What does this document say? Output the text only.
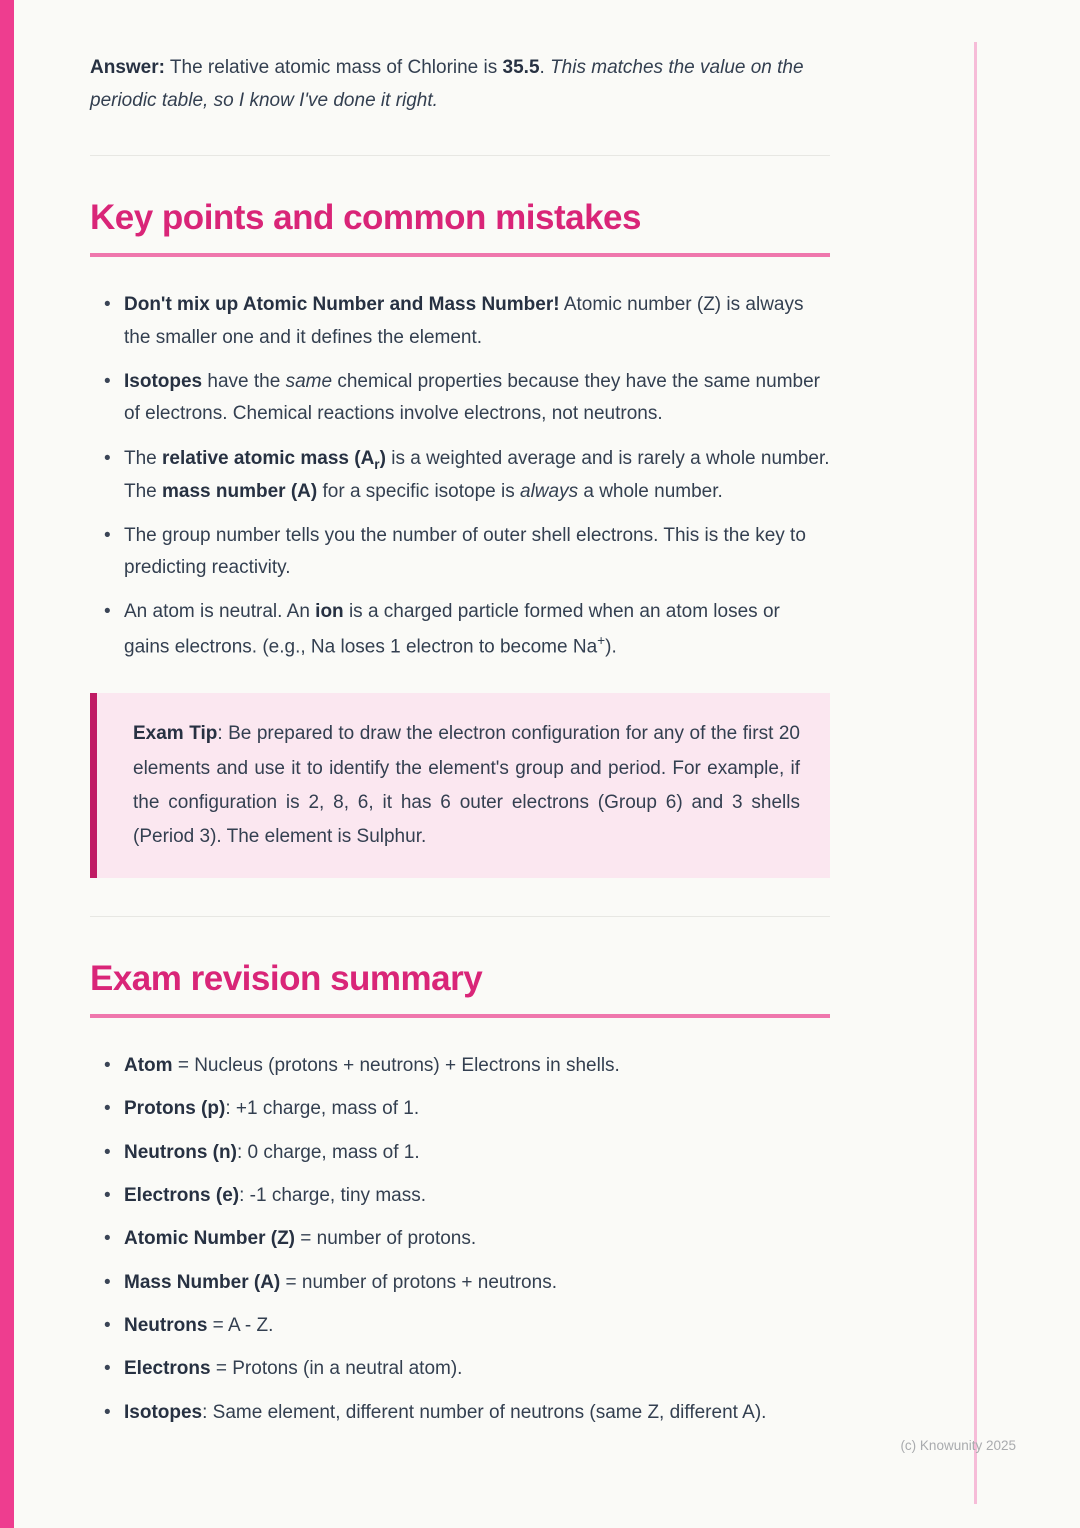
Answer: The relative atomic mass of Chlorine is 35.5. This matches the value on the periodic table, so I know I've done it right.

Key points and common mistakes
• Don't mix up Atomic Number and Mass Number! Atomic number (Z) is always the smaller one and it defines the element.
• Isotopes have the same chemical properties because they have the same number of electrons. Chemical reactions involve electrons, not neutrons.
• The relative atomic mass $(A_r)$ is a weighted average and is rarely a whole number. The mass number (A) for a specific isotope is always a whole number.
• The group number tells you the number of outer shell electrons. This is the key to predicting reactivity.
• An atom is neutral. An ion is a charged particle formed when an atom loses or gains electrons. (e.g., Na loses 1 electron to become Na+).

Exam Tip: Be prepared to draw the electron configuration for any of the first 20 elements and use it to identify the element's group and period. For example, if the configuration is 2, 8, 6, it has 6 outer electrons (Group 6) and 3 shells (Period 3). The element is Sulphur.

Exam revision summary
• Atom = Nucleus (protons + neutrons) + Electrons in shells.
• Protons (p): +1 charge, mass of 1.
• Neutrons (n): 0 charge, mass of 1.
• Electrons (e): -1 charge, tiny mass.
• Atomic Number (Z) = number of protons.
• Mass Number (A) = number of protons + neutrons.
• Neutrons = A - Z.
• Electrons = Protons (in a neutral atom).
• Isotopes: Same element, different number of neutrons (same Z, different A).
(c) Knowunity 2025
